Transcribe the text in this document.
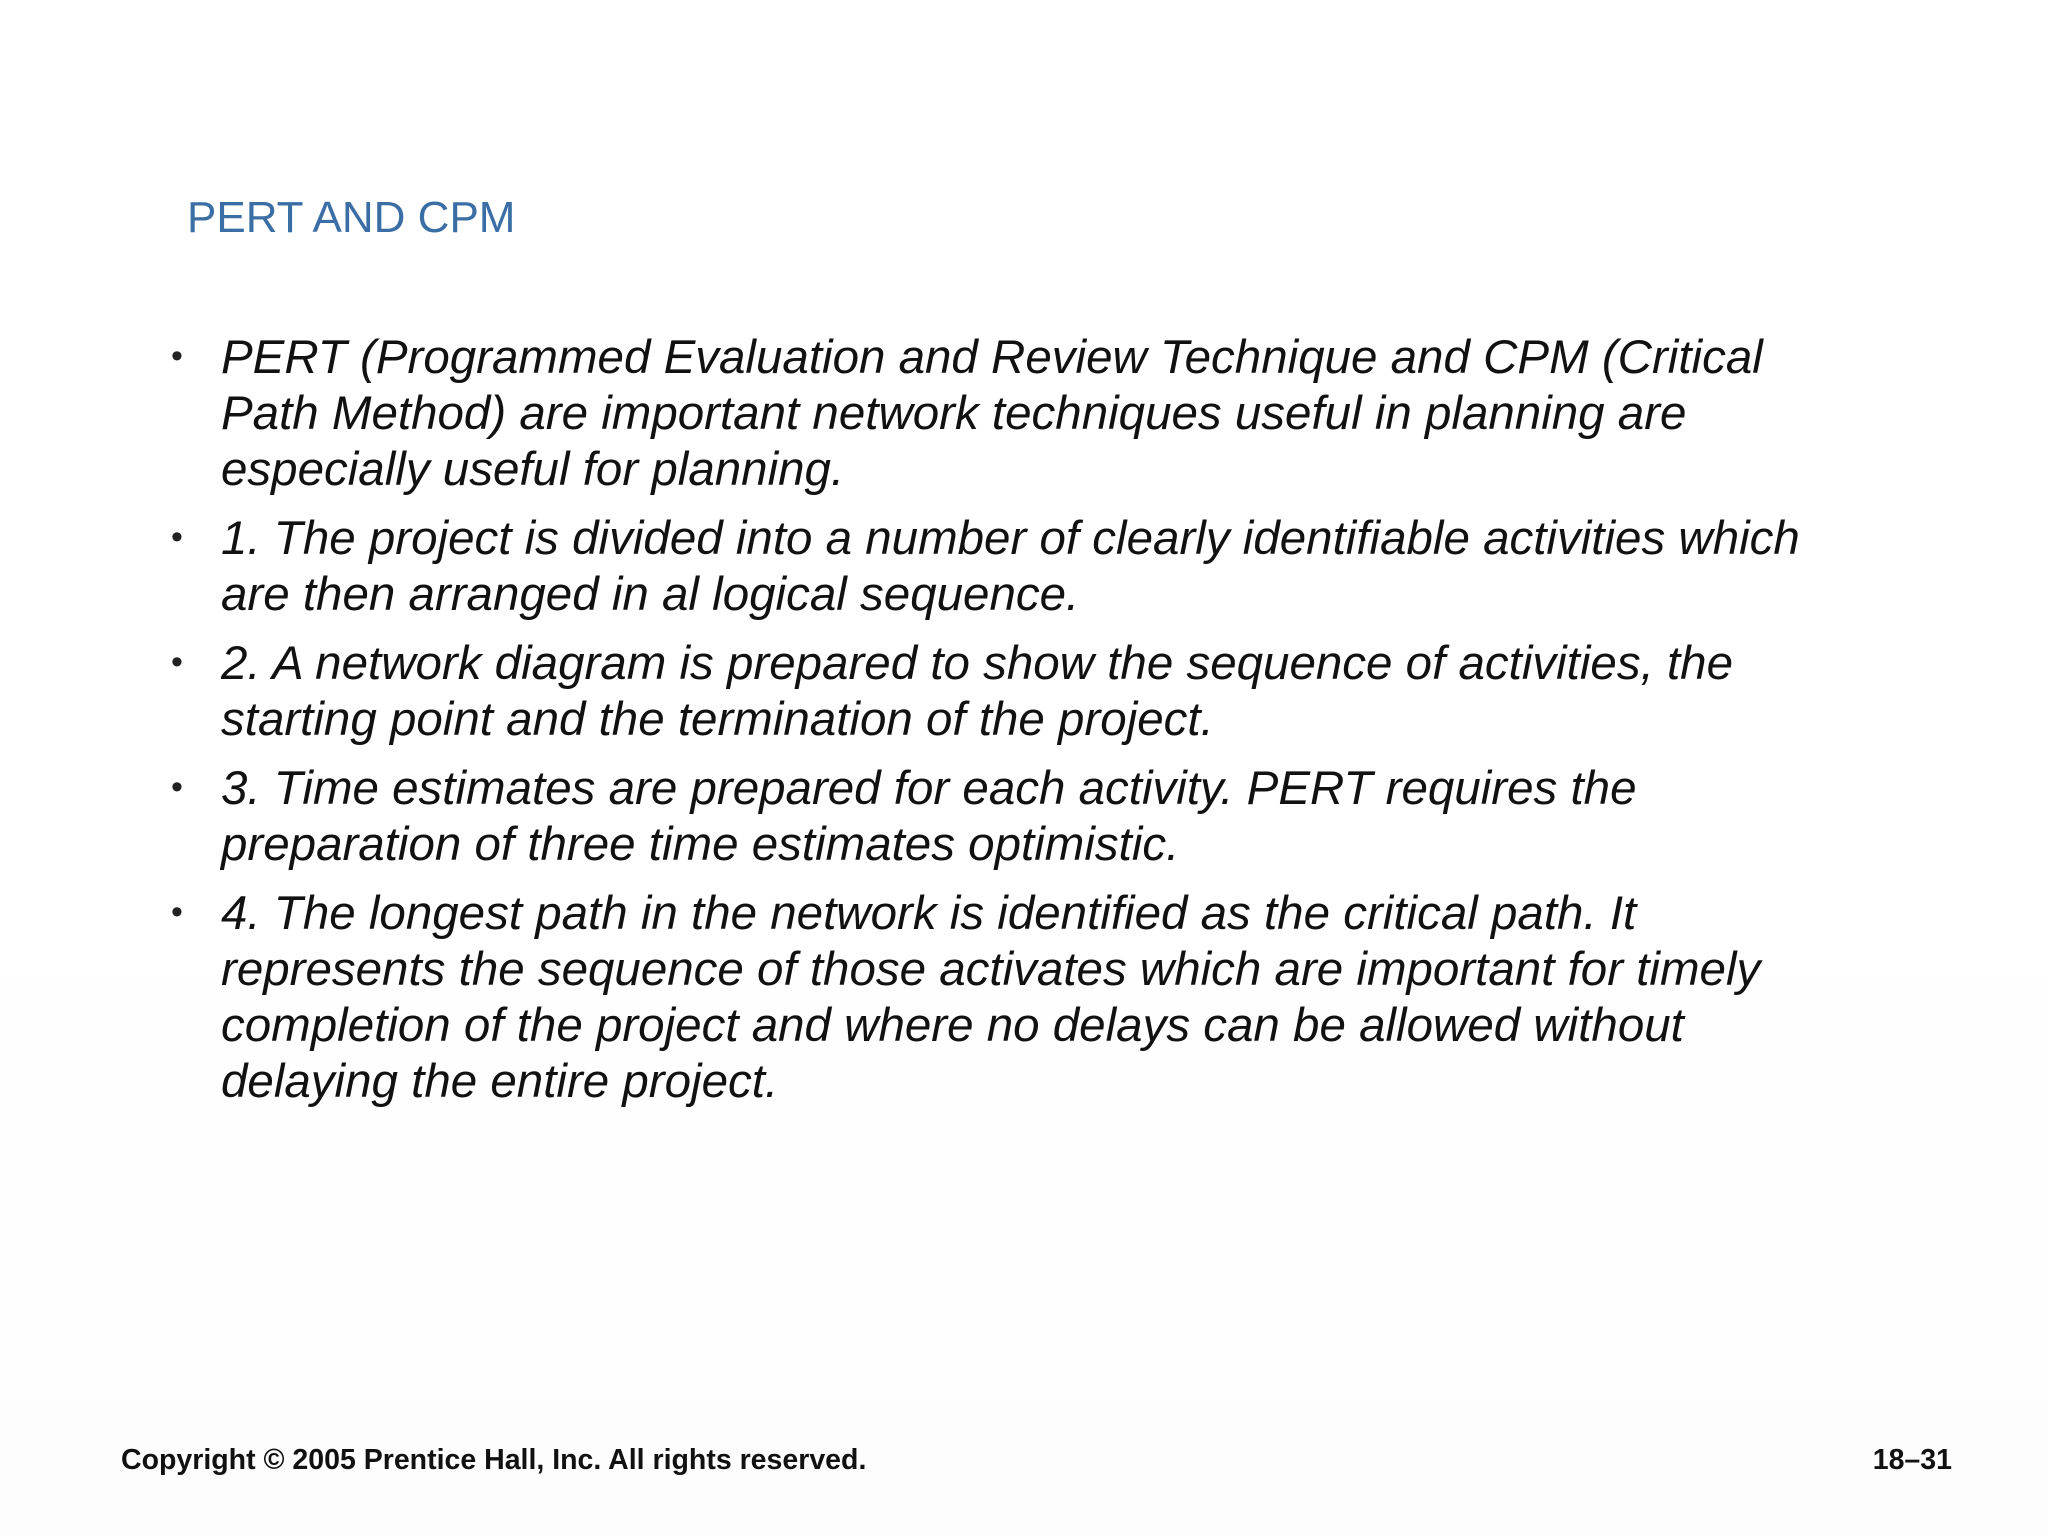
PERT AND CPM
• PERT (Programmed Evaluation and Review Technique and CPM (Critical Path Method) are important network techniques useful in planning are especially useful for planning.
• 1. The project is divided into a number of clearly identifiable activities which are then arranged in al logical sequence.
• 2. A network diagram is prepared to show the sequence of activities, the starting point and the termination of the project.
• 3. Time estimates are prepared for each activity. PERT requires the preparation of three time estimates optimistic.
• 4. The longest path in the network is identified as the critical path. It represents the sequence of those activates which are important for timely completion of the project and where no delays can be allowed without delaying the entire project.

Copyright © 2005 Prentice Hall, Inc. All rights reserved.	18–31
